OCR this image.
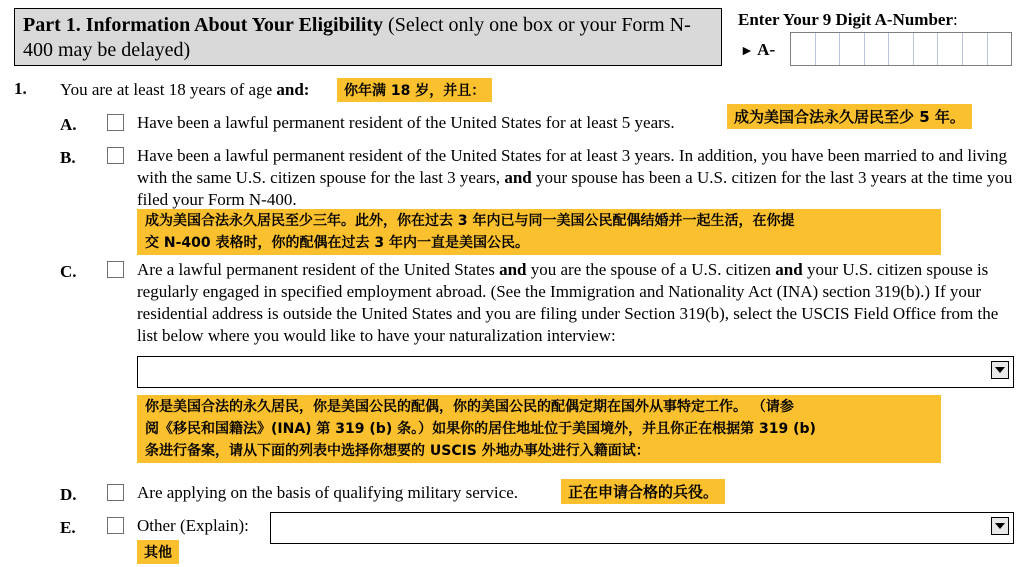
Part 1. Information About Your Eligibility (Select only one box or your Form N-400 may be delayed)
Enter Your 9 Digit A-Number:
► A-
1. You are at least 18 years of age and:	你年满 18 岁，并且：
A.	Have been a lawful permanent resident of the United States for at least 5 years.	成为美国合法永久居民至少 5 年。
B.	Have been a lawful permanent resident of the United States for at least 3 years. In addition, you have been married to and living with the same U.S. citizen spouse for the last 3 years, and your spouse has been a U.S. citizen for the last 3 years at the time you filed your Form N-400.
成为美国合法永久居民至少三年。此外，你在过去 3 年内已与同一美国公民配偶结婚并一起生活，在你提
交 N-400 表格时，你的配偶在过去 3 年内一直是美国公民。
C.	Are a lawful permanent resident of the United States and you are the spouse of a U.S. citizen and your U.S. citizen spouse is regularly engaged in specified employment abroad. (See the Immigration and Nationality Act (INA) section 319(b).) If your residential address is outside the United States and you are filing under Section 319(b), select the USCIS Field Office from the list below where you would like to have your naturalization interview:
你是美国合法的永久居民，你是美国公民的配偶，你的美国公民的配偶定期在国外从事特定工作。 （请参
阅《移民和国籍法》(INA) 第 319 (b) 条。）如果你的居住地址位于美国境外，并且你正在根据第 319 (b)
条进行备案，请从下面的列表中选择你想要的 USCIS 外地办事处进行入籍面试：
D.	Are applying on the basis of qualifying military service.	正在申请合格的兵役。
E.	Other (Explain):
其他
